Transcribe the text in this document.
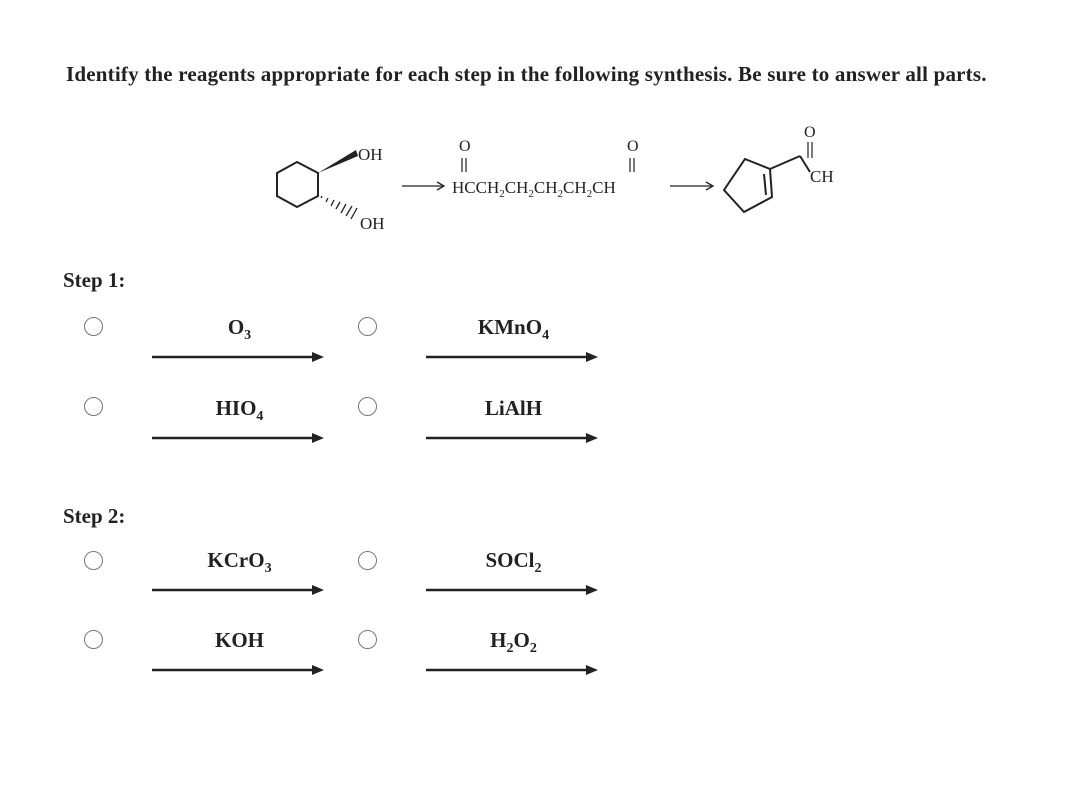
Identify the reagents appropriate for each step in the following synthesis. Be sure to answer all parts.
OH
OH
O	O
$HCCH_2CH_2CH_2CH_2CH$
O
CH
Step 1:
$O_3$	KMnO$_4$
$HIO_4$	LiAlH
Step 2:
KCrO$_3$	SOCl$_2$
KOH	$H_2O_2$
